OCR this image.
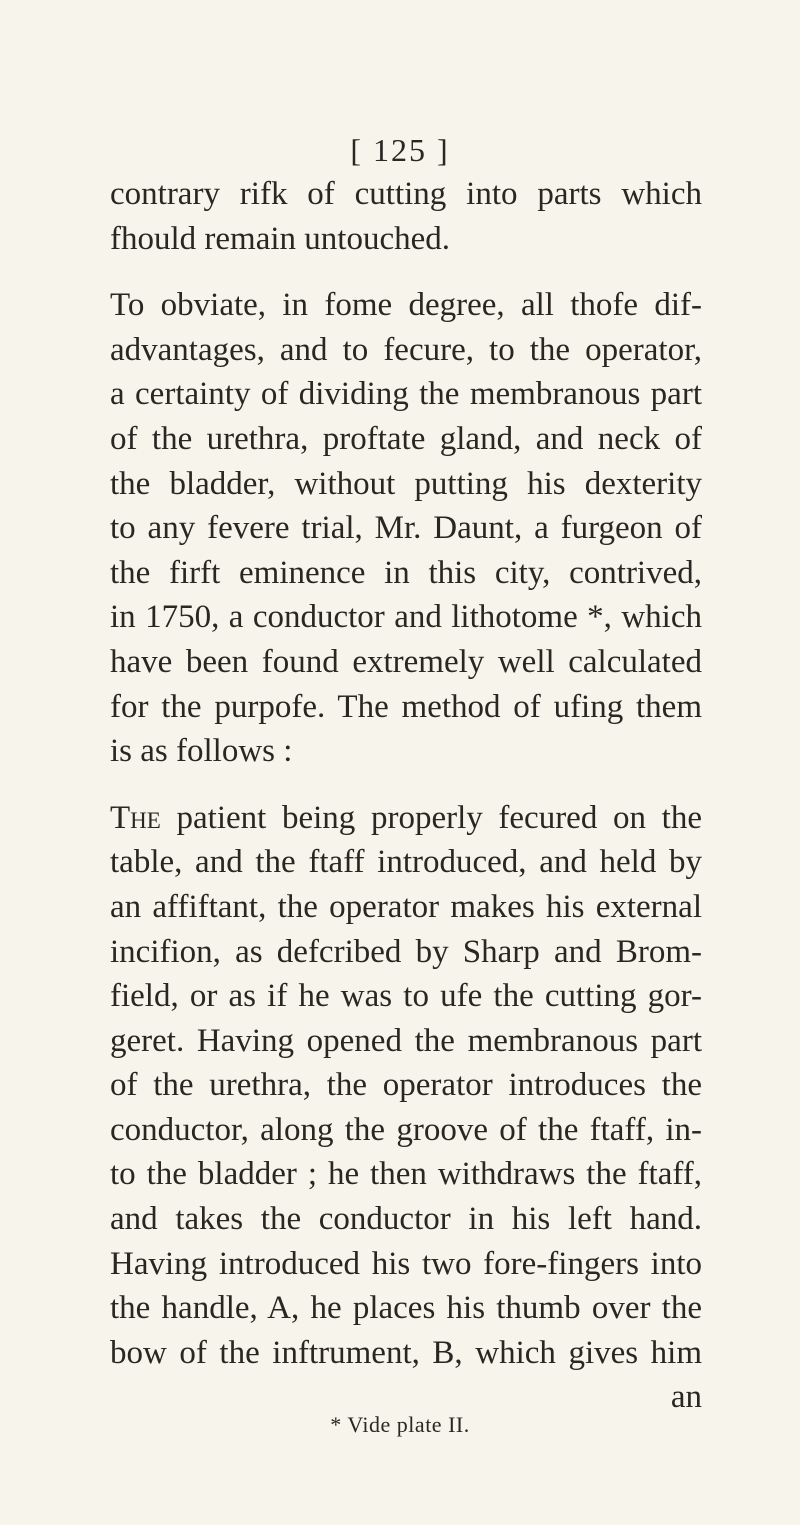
[ 125 ]
contrary rifk of cutting into parts which
fhould remain untouched.
To obviate, in fome degree, all thofe dif-
advantages, and to fecure, to the operator,
a certainty of dividing the membranous part
of the urethra, proftate gland, and neck of
the bladder, without putting his dexterity
to any fevere trial, Mr. Daunt, a furgeon of
the firft eminence in this city, contrived,
in 1750, a conductor and lithotome *, which
have been found extremely well calculated
for the purpofe. The method of ufing them
is as follows :
The patient being properly fecured on the
table, and the ftaff introduced, and held by
an affiftant, the operator makes his external
incifion, as defcribed by Sharp and Brom-
field, or as if he was to ufe the cutting gor-
geret. Having opened the membranous part
of the urethra, the operator introduces the
conductor, along the groove of the ftaff, in-
to the bladder ; he then withdraws the ftaff,
and takes the conductor in his left hand.
Having introduced his two fore-fingers into
the handle, A, he places his thumb over the
bow of the inftrument, B, which gives him
an
* Vide plate II.
